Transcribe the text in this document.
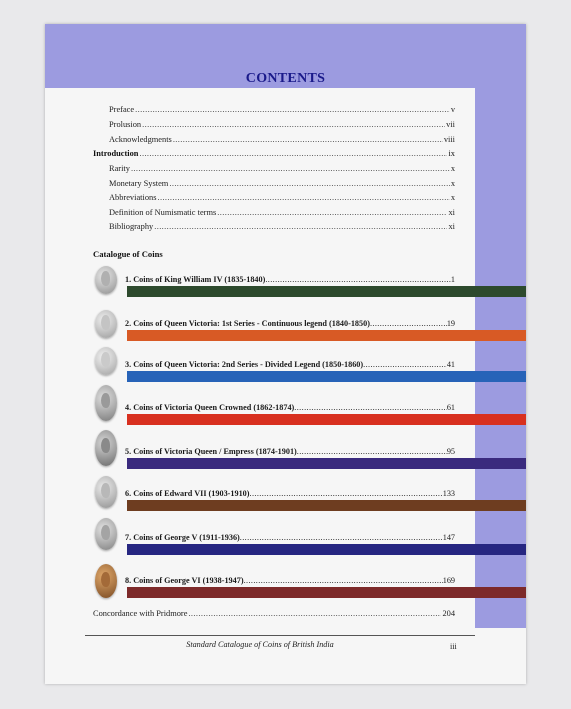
CONTENTS
Preface .....	v
Prolusion .....	vii
Acknowledgments .....	viii
Introduction .....	ix
Rarity .....	x
Monetary System .....	x
Abbreviations .....	x
Definition of Numismatic terms .....	xi
Bibliography .....	xi
Catalogue of Coins
1. Coins of King William IV (1835-1840) .....	1
2. Coins of Queen Victoria: 1st Series - Continuous legend (1840-1850) .....	19
3. Coins of Queen Victoria: 2nd Series - Divided Legend (1850-1860) .....	41
4. Coins of Victoria Queen Crowned (1862-1874) .....	61
5. Coins of Victoria Queen / Empress (1874-1901) .....	95
6. Coins of Edward VII (1903-1910) .....	133
7. Coins of George V (1911-1936) .....	147
8. Coins of George VI (1938-1947) .....	169
Concordance with Pridmore .....	204
Standard Catalogue of Coins of British India	iii
